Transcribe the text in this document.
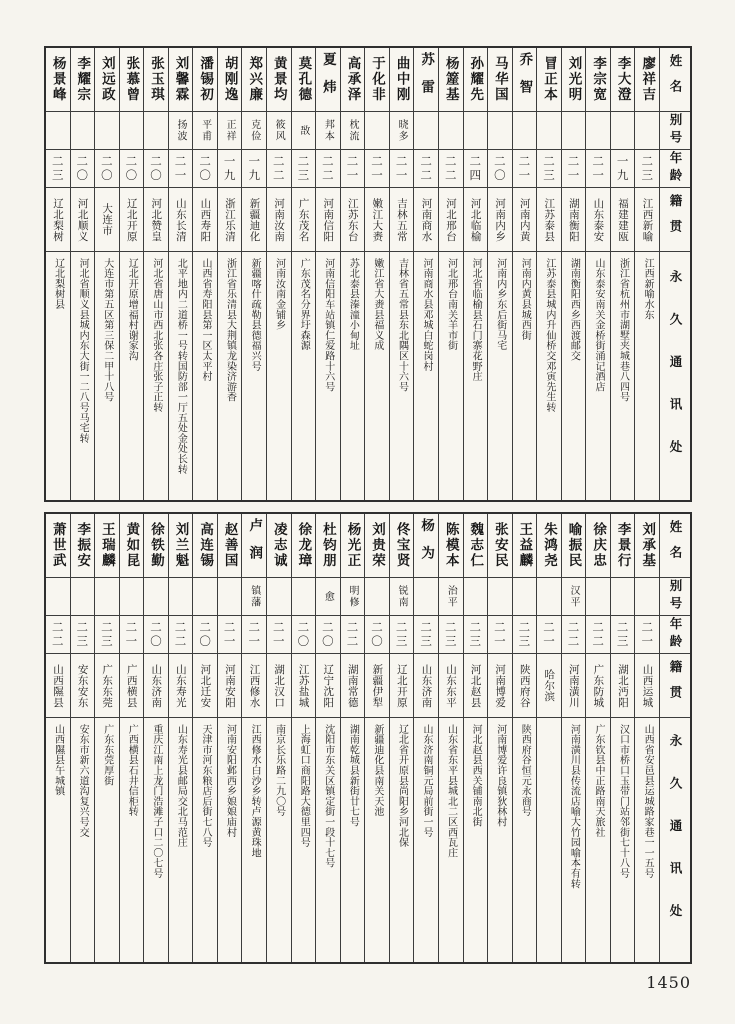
姓名
别号
年龄
籍贯
永久通讯处
廖祥吉
二三
江西新喻
江西新喻水东
李大澄
一九
福建建瓯
浙江省杭州市湖墅夹城巷八四号
李宗宽
二一
山东泰安
山东泰安南关金桥街涌记酒店
刘光明
二一
湖南衡阳
湖南衡阳西乡西渡邮交
冒正本
二三
江苏泰县
江苏泰县城内升仙桥交邓寅先生转
乔智
二一
河南内黄
河南内黄县城西街
马华国
二〇
河南内乡
河南内乡东后街马宅
孙耀先
二四
河北临榆
河北省临榆县石门寨花野庄
杨簅基
二二
河北邢台
河北邢台南关羊市街
苏雷
二二
河南商水
河南商水县邓城白蛇岗村
曲中刚
晓多
二一
吉林五常
吉林省五常县东北隅区十六号
于化非
二一
嫩江大赉
嫩江省大赉县福义成
高承泽
枕流
二一
江苏东台
苏北泰县溱潼小甸址
夏炜
邦本
二二
河南信阳
河南信阳车站镇仁爱路十六号
莫孔德
敔
二三
广东茂名
广东茂名分界圩森源
黄景均
筱风
二二
河南汝南
河南汝南金铺乡
郑兴廉
克俭
一九
新疆迪化
新疆喀什疏勒县德福兴号
胡刚逸
正祥
一九
浙江乐清
浙江省乐清县大荆镇龙染济游香
潘锡初
平甫
二〇
山西寿阳
山西省寿阳县第一区太平村
刘馨霖
扬波
二一
山东长清
北平地内二道桥一号转国防部一厅五处金处长转
张玉琪
二〇
河北赞皇
河北省唐山市西北张各庄张子正转
张慕曾
二〇
辽北开原
辽北开原增福村谢家沟
刘远政
二〇
大连市
大连市第五区第三保二甲十八号
李耀宗
二〇
河北顺义
河北省顺义县城内东大街一二八号马宅转
杨景峰
二三
辽北梨树
辽北梨树县
姓名
别号
年龄
籍贯
永久通讯处
刘承基
二一
山西运城
山西省安邑县运城路家巷一一五号
李景行
二三
湖北沔阳
汉口市桥口玉带门站邻街七十八号
徐庆忠
二二
广东防城
广东钦县中正路南天旅社
喻振民
汉平
二二
河南潢川
河南潢川县传流店喻大竹园喻本有转
朱鸿尧
二一
哈尔滨
王益麟
二三
陕西府谷
陕西府谷恒元永商号
张安民
二一
河南博爱
河南博爱许良镇狄林村
魏志仁
二三
河北赵县
河北赵县西关铺南北街
陈模本
治平
二三
山东东平
山东省东平县城北二区西瓦庄
杨为
二三
山东济南
山东济南铜元局前街一号
佟宝贤
锐南
二三
辽北开原
辽北省开原县尚阳乡河北保
刘贵荣
二〇
新疆伊犁
新疆迪化县南关天池
杨光正
明修
二二
湖南常德
湖南乾城县新街廿七号
杜钧朋
愈
二〇
辽宁沈阳
沈阳市东关区镇定街一段十七号
徐龙璋
二〇
江苏盐城
上海虹口商阳路大德里四号
凌志诚
二一
湖北汉口
南京长乐路二九〇号
卢润
镇藩
二一
江西修水
江西修水白沙乡转卢源黄珠地
赵善国
二一
河南安阳
河南安阳邺西乡娘娘庙村
高连锡
二〇
河北迁安
天津市河东粮店后街七八号
刘兰魁
二二
山东寿光
山东寿光县邮局交北马范庄
徐铁勤
二〇
山东济南
重庆江南上龙门浩滩子口二〇七号
黄如昆
二一
广西横县
广西横县石井信柜转
王瑞麟
二三
广东东莞
广东东莞厚街
李振安
二三
安东安东
安东市新六道沟复兴号交
萧世武
二二
山西隰县
山西隰县午城镇
1450
